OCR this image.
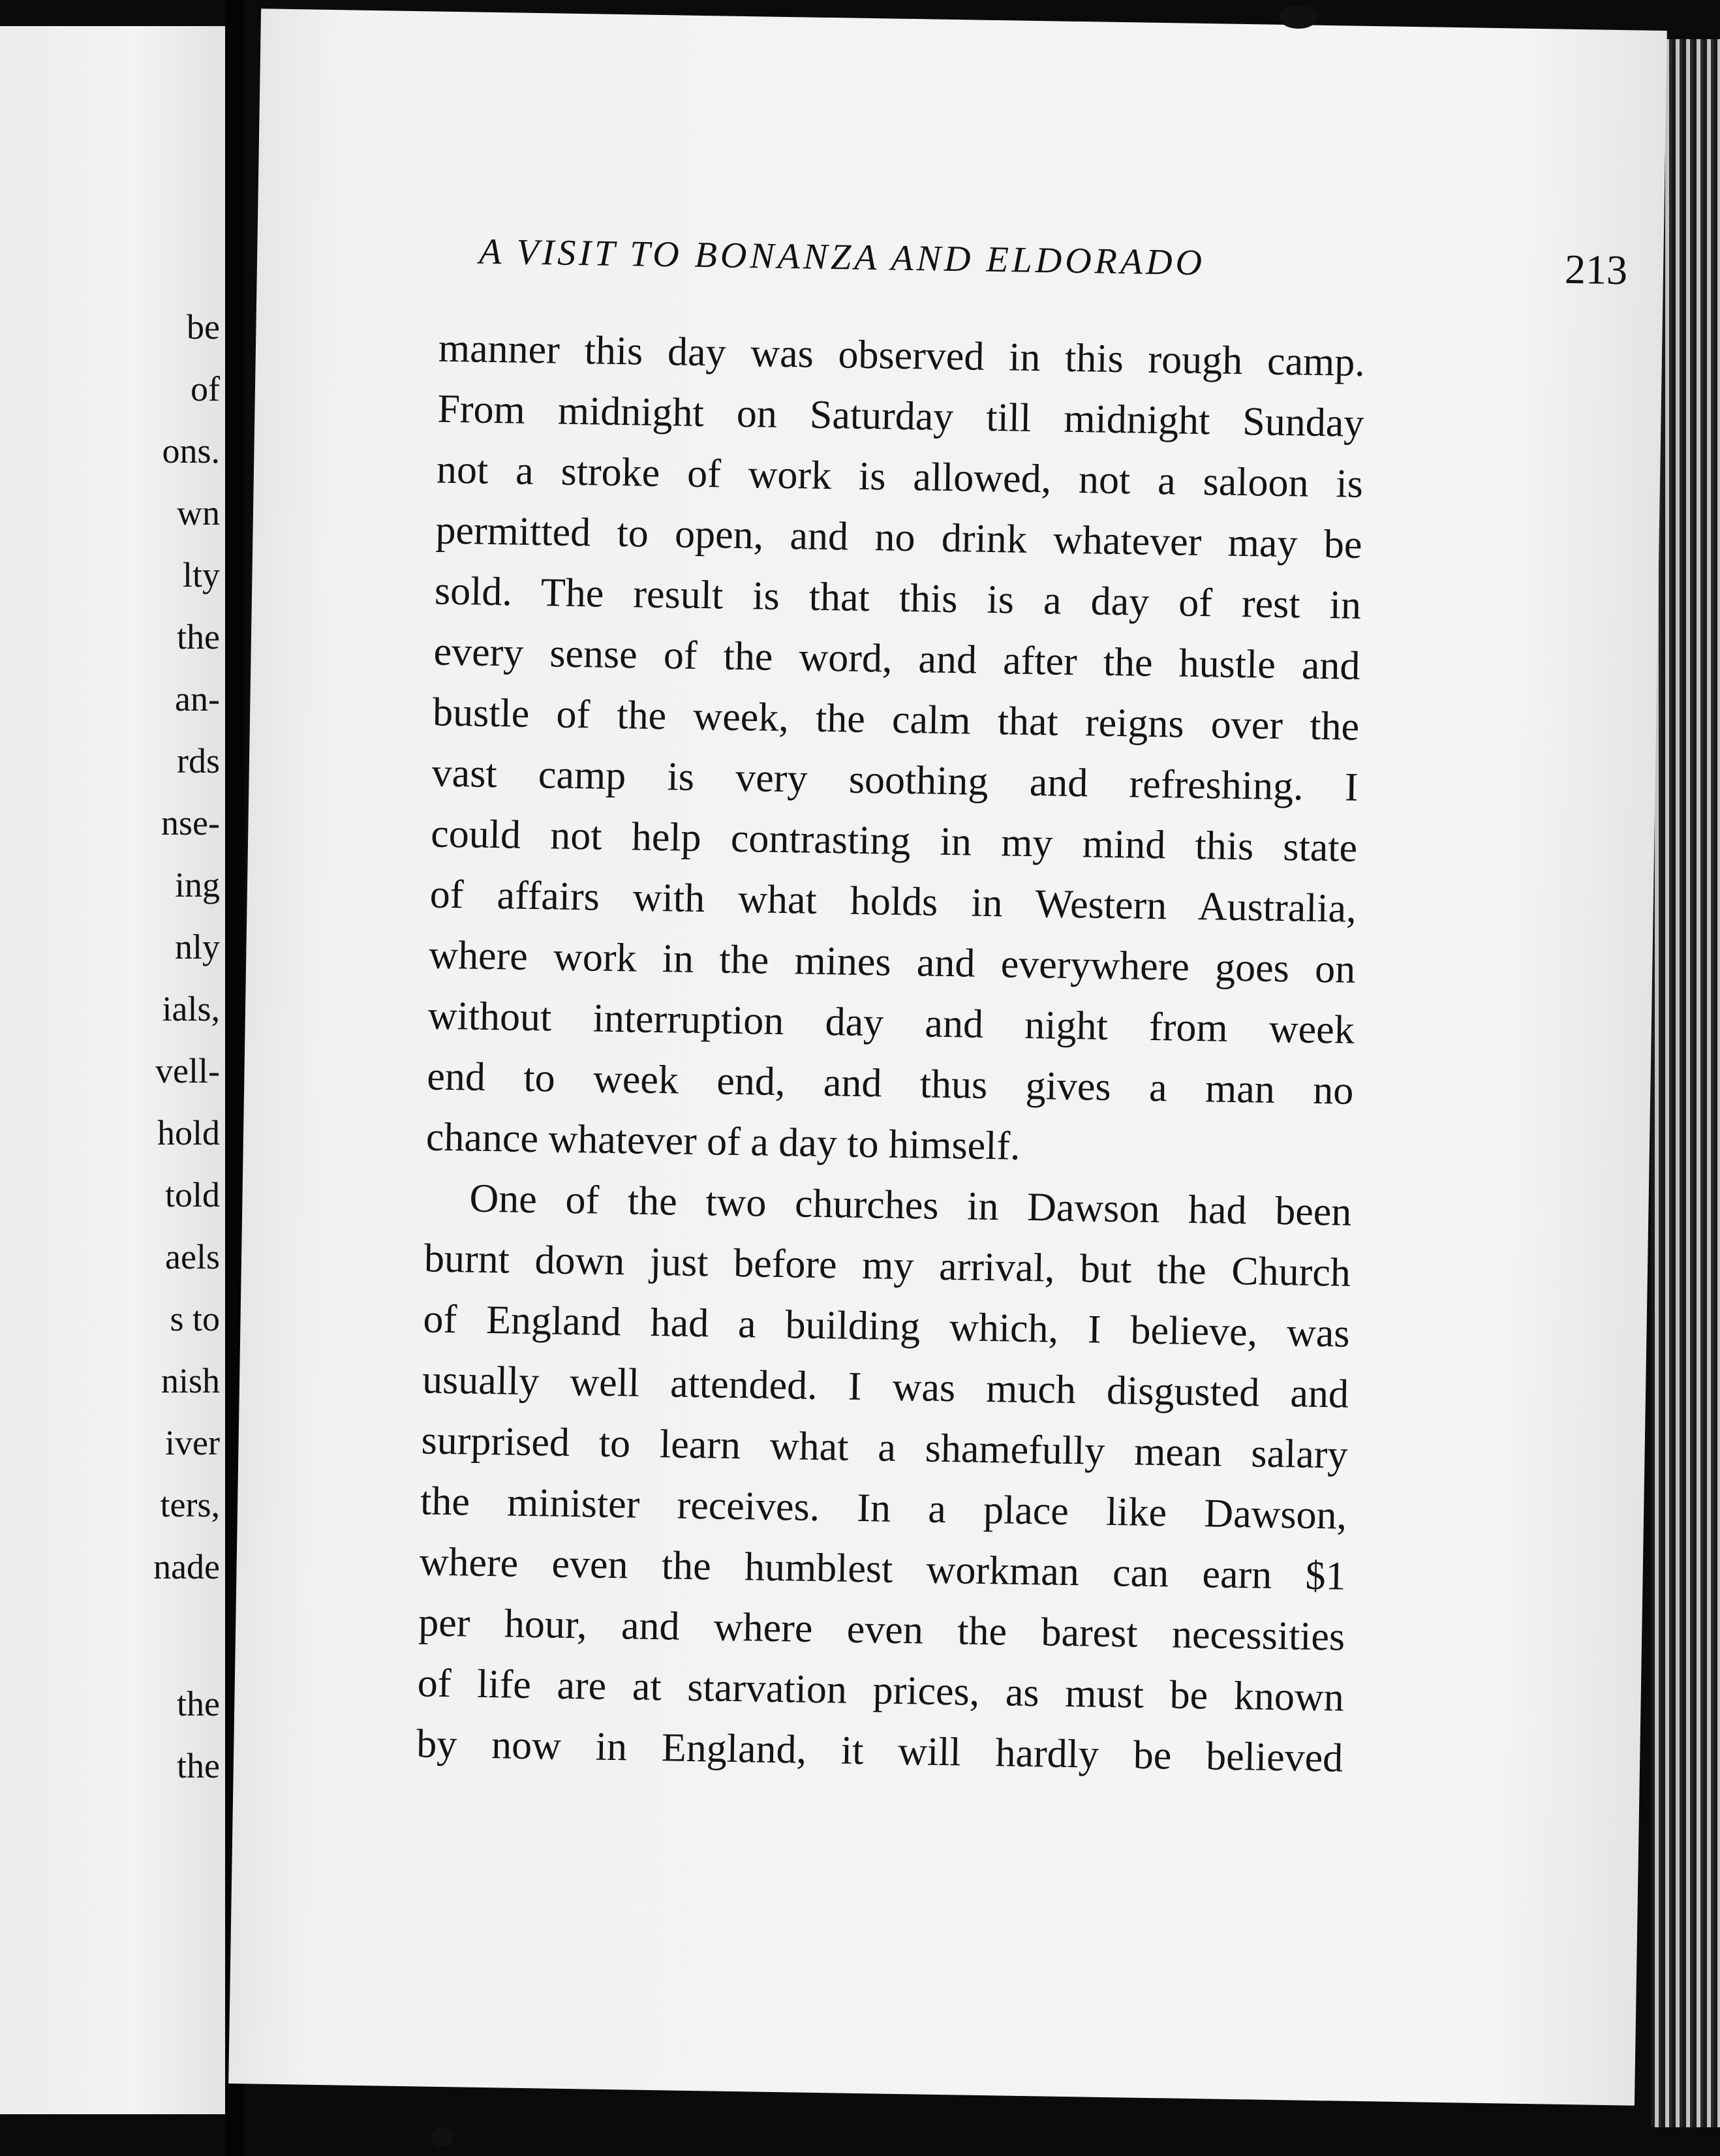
be
of
ons.
wn
lty
the
an-
rds
nse-
ing
nly
ials,
vell-
hold
told
aels
s to
nish
iver
ters,
nade
the
the
A VISIT TO BONANZA AND ELDORADO	213
manner this day was observed in this rough camp.
From midnight on Saturday till midnight Sunday
not a stroke of work is allowed, not a saloon is
permitted to open, and no drink whatever may be
sold. The result is that this is a day of rest in
every sense of the word, and after the hustle and
bustle of the week, the calm that reigns over the
vast camp is very soothing and refreshing. I
could not help contrasting in my mind this state
of affairs with what holds in Western Australia,
where work in the mines and everywhere goes on
without interruption day and night from week
end to week end, and thus gives a man no
chance whatever of a day to himself.
One of the two churches in Dawson had been
burnt down just before my arrival, but the Church
of England had a building which, I believe, was
usually well attended. I was much disgusted and
surprised to learn what a shamefully mean salary
the minister receives. In a place like Dawson,
where even the humblest workman can earn $1
per hour, and where even the barest necessities
of life are at starvation prices, as must be known
by now in England, it will hardly be believed
